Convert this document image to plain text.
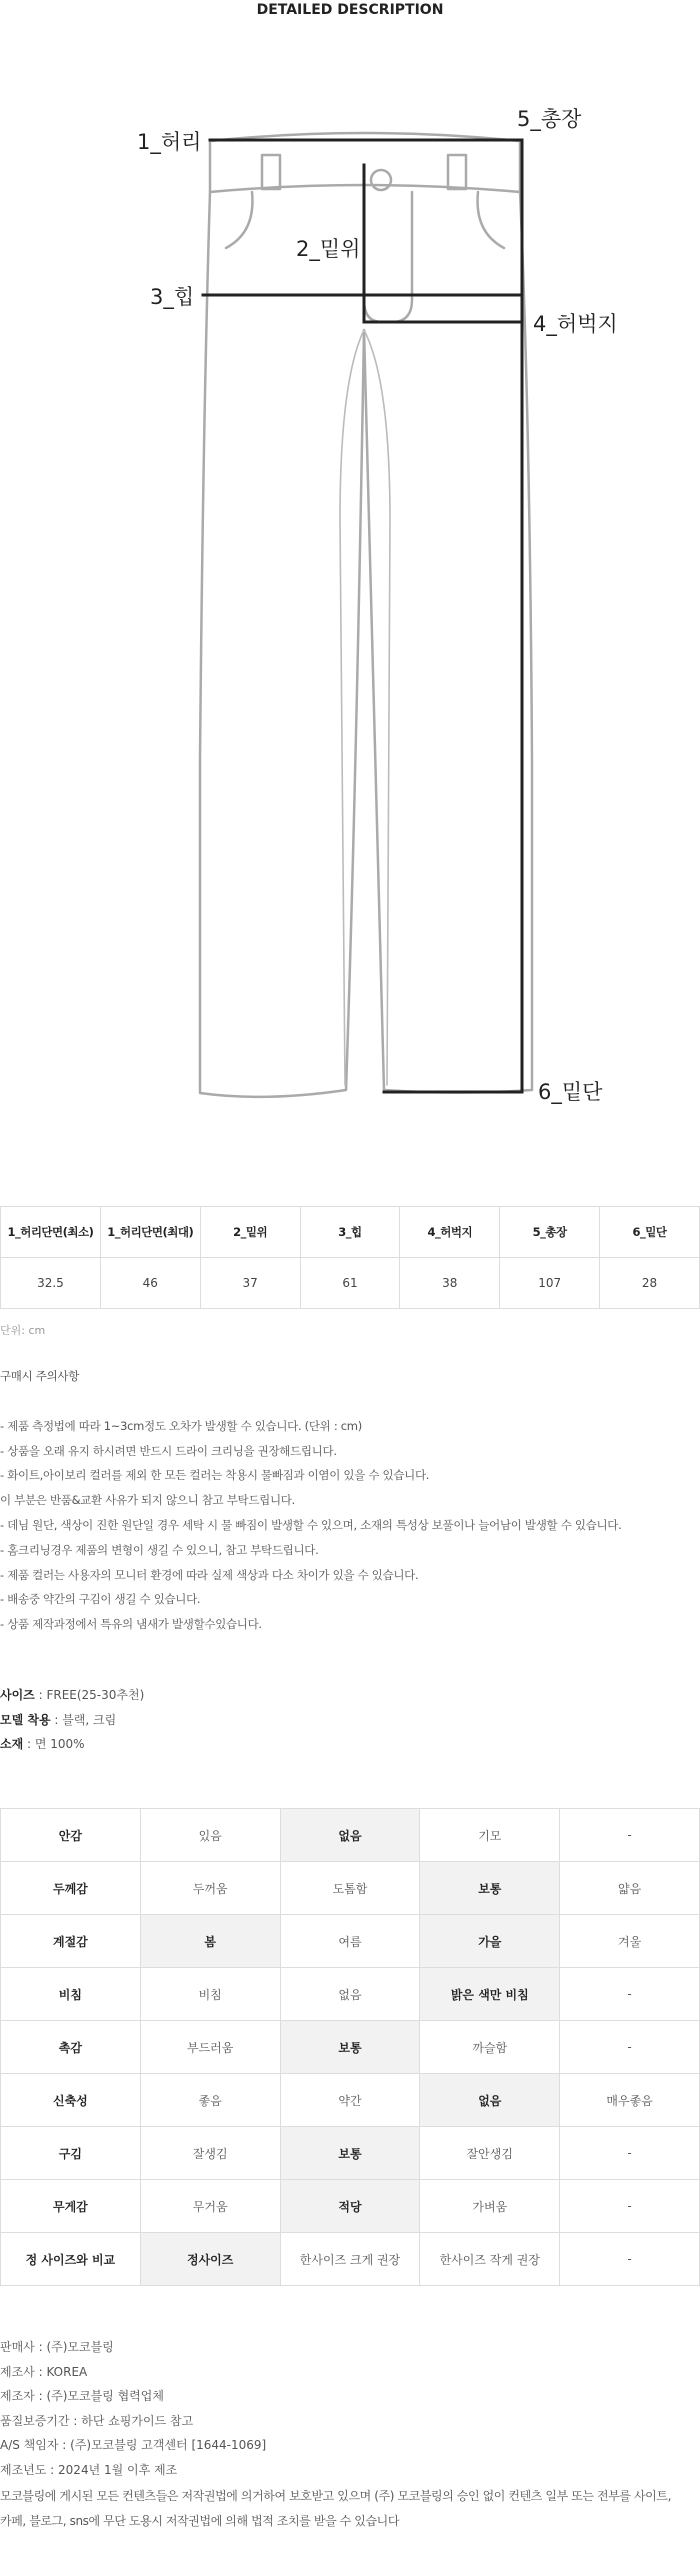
DETAILED DESCRIPTION
1_허리
5_총장
2_밑위
3_힙
4_허벅지
6_밑단
1_허리단면(최소)	1_허리단면(최대)	2_밑위	3_힙	4_허벅지	5_총장	6_밑단
32.5	46	37	61	38	107	28
단위: cm
구매시 주의사항
- 제품 측정법에 따라 1~3cm정도 오차가 발생할 수 있습니다. (단위 : cm)
- 상품을 오래 유지 하시려면 반드시 드라이 크리닝을 권장해드립니다.
- 화이트,아이보리 컬러를 제외 한 모든 컬러는 착용시 물빠짐과 이염이 있을 수 있습니다.
이 부분은 반품&교환 사유가 되지 않으니 참고 부탁드립니다.
- 데님 원단, 색상이 진한 원단일 경우 세탁 시 물 빠짐이 발생할 수 있으며, 소재의 특성상 보풀이나 늘어남이 발생할 수 있습니다.
- 홈크리닝경우 제품의 변형이 생길 수 있으니, 참고 부탁드립니다.
- 제품 컬러는 사용자의 모니터 환경에 따라 실제 색상과 다소 차이가 있을 수 있습니다.
- 배송중 약간의 구김이 생길 수 있습니다.
- 상품 제작과정에서 특유의 냄새가 발생할수있습니다.
사이즈 : FREE(25-30추천)
모델 착용 : 블랙, 크림
소재 : 면 100%
안감	있음	없음	기모	-
두께감	두꺼움	도톰함	보통	얇음
계절감	봄	여름	가을	겨울
비침	비침	없음	밝은 색만 비침	-
촉감	부드러움	보통	까슬함	-
신축성	좋음	약간	없음	매우좋음
구김	잘생김	보통	잘안생김	-
무게감	무거움	적당	가벼움	-
정 사이즈와 비교	정사이즈	한사이즈 크게 권장	한사이즈 작게 권장	-
판매사 : (주)모코블링
제조사 : KOREA
제조자 : (주)모코블링 협력업체
품질보증기간 : 하단 쇼핑가이드 참고
A/S 책임자 : (주)모코블링 고객센터 [1644-1069]
제조년도 : 2024년 1월 이후 제조
모코블링에 게시된 모든 컨텐츠들은 저작권법에 의거하여 보호받고 있으며 (주) 모코블링의 승인 없이 컨텐츠 일부 또는 전부를 사이트,
카페, 블로그, sns에 무단 도용시 저작권법에 의해 법적 조치를 받을 수 있습니다
